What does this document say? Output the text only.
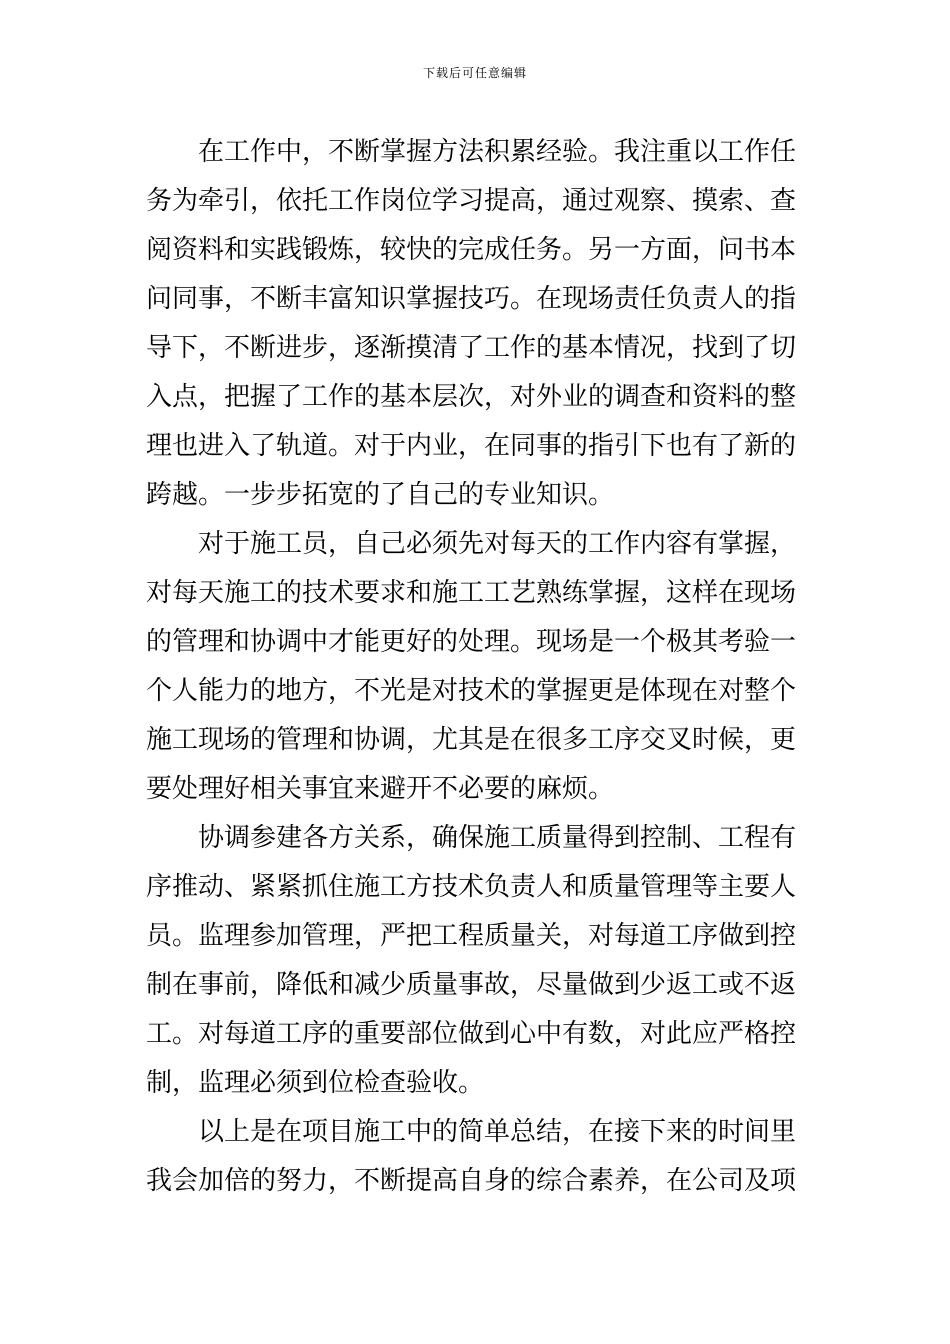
下载后可任意编辑

在工作中，不断掌握方法积累经验。我注重以工作任
务为牵引，依托工作岗位学习提高，通过观察、摸索、查
阅资料和实践锻炼，较快的完成任务。另一方面，问书本
问同事，不断丰富知识掌握技巧。在现场责任负责人的指
导下，不断进步，逐渐摸清了工作的基本情况，找到了切
入点，把握了工作的基本层次，对外业的调查和资料的整
理也进入了轨道。对于内业，在同事的指引下也有了新的
跨越。一步步拓宽的了自己的专业知识。

对于施工员，自己必须先对每天的工作内容有掌握，
对每天施工的技术要求和施工工艺熟练掌握，这样在现场
的管理和协调中才能更好的处理。现场是一个极其考验一
个人能力的地方，不光是对技术的掌握更是体现在对整个
施工现场的管理和协调，尤其是在很多工序交叉时候，更
要处理好相关事宜来避开不必要的麻烦。

协调参建各方关系，确保施工质量得到控制、工程有
序推动、紧紧抓住施工方技术负责人和质量管理等主要人
员。监理参加管理，严把工程质量关，对每道工序做到控
制在事前，降低和减少质量事故，尽量做到少返工或不返
工。对每道工序的重要部位做到心中有数，对此应严格控
制，监理必须到位检查验收。

以上是在项目施工中的简单总结，在接下来的时间里
我会加倍的努力，不断提高自身的综合素养，在公司及项
